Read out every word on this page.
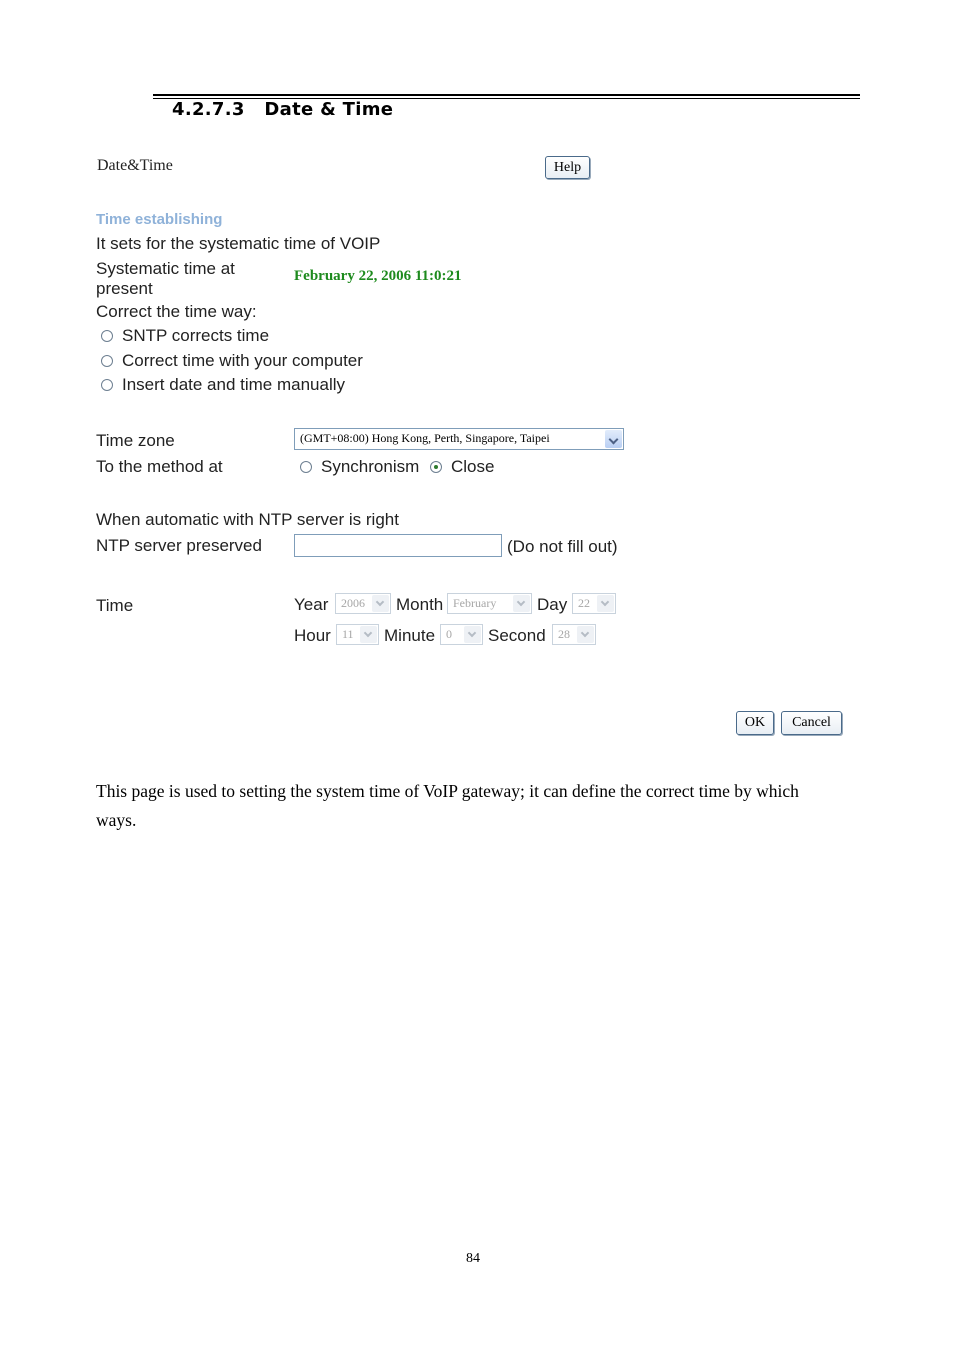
4.2.7.3 Date & Time
Date&Time	Help
Time establishing
It sets for the systematic time of VOIP
Systematic time at
present
February 22, 2006 11:0:21
Correct the time way:
SNTP corrects time
Correct time with your computer
Insert date and time manually
Time zone	(GMT+08:00) Hong Kong, Perth, Singapore, Taipei
To the method at	Synchronism Close
When automatic with NTP server is right
NTP server preserved	(Do not fill out)
Time	Year 2006 Month February Day 22
Hour 11 Minute 0 Second 28
OK	Cancel
This page is used to setting the system time of VoIP gateway; it can define the correct time by which ways.
84
